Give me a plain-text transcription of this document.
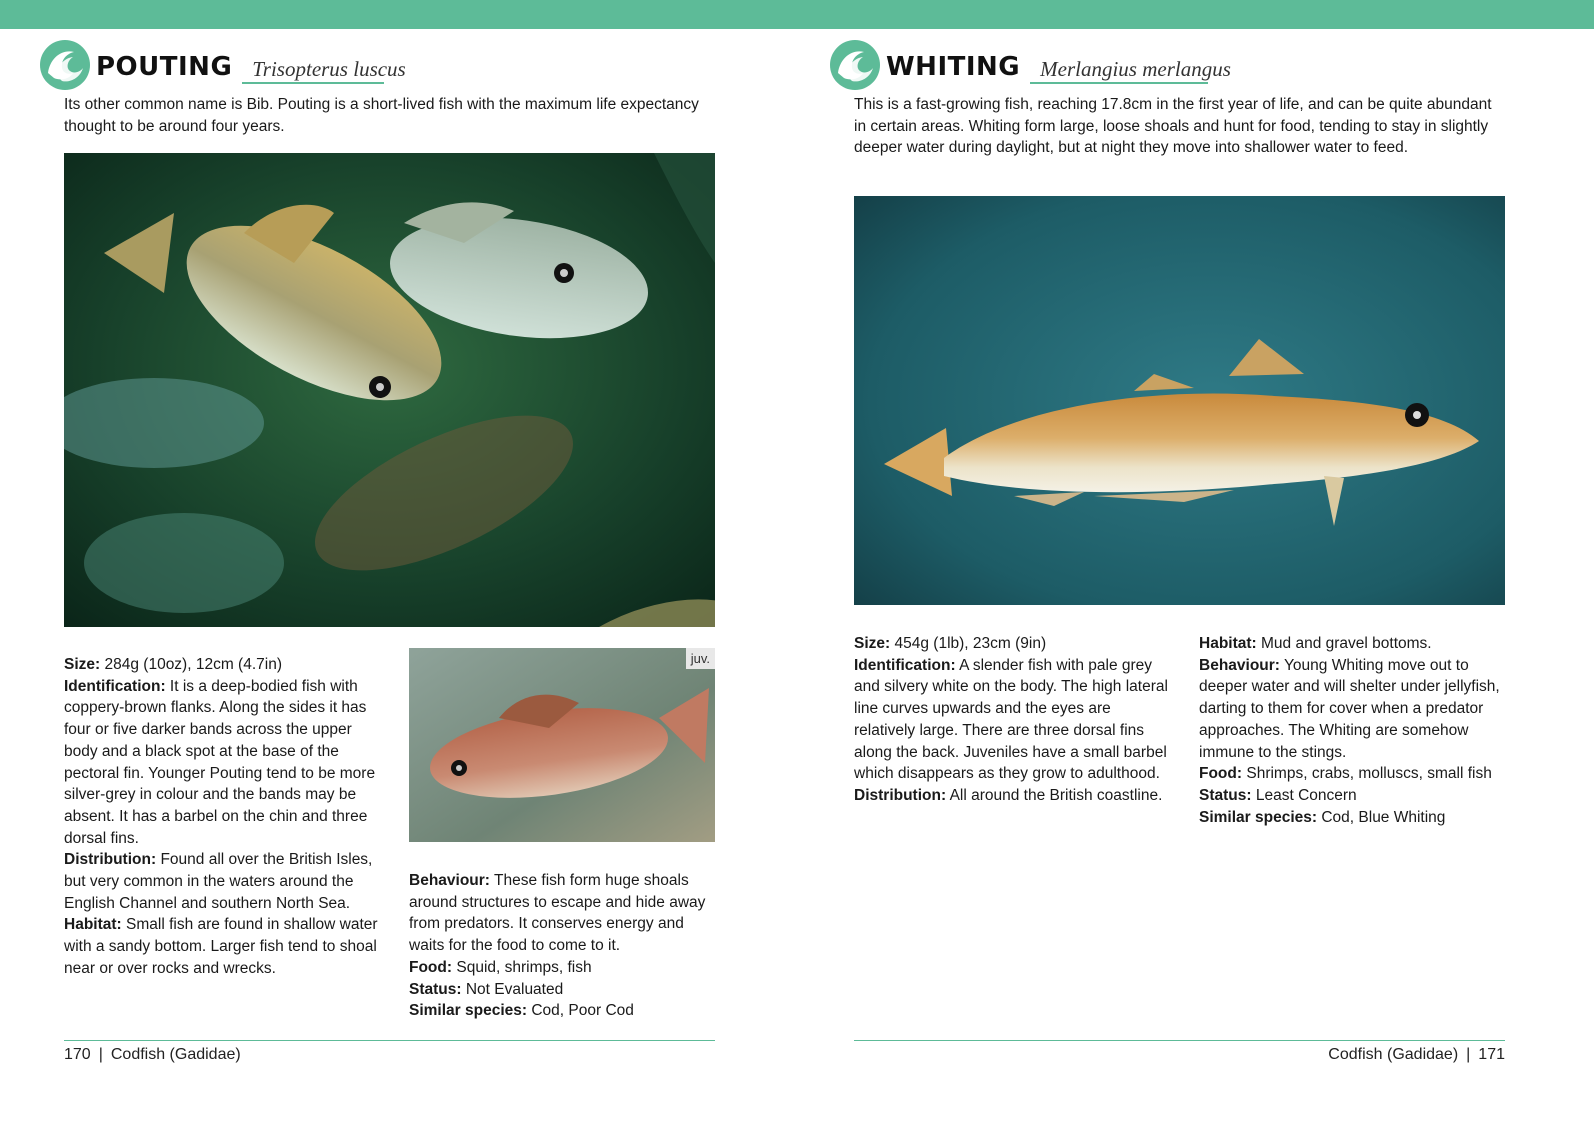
POUTING Trisopterus luscus

Its other common name is Bib. Pouting is a short-lived fish with the maximum life expectancy thought to be around four years.

juv.

Size: 284g (10oz), 12cm (4.7in)

Identification: It is a deep-bodied fish with coppery-brown flanks. Along the sides it has four or five darker bands across the upper body and a black spot at the base of the pectoral fin. Younger Pouting tend to be more silver-grey in colour and the bands may be absent. It has a barbel on the chin and three dorsal fins.

Distribution: Found all over the British Isles, but very common in the waters around the English Channel and southern North Sea.

Habitat: Small fish are found in shallow water with a sandy bottom. Larger fish tend to shoal near or over rocks and wrecks.

Behaviour: These fish form huge shoals around structures to escape and hide away from predators. It conserves energy and waits for the food to come to it.

Food: Squid, shrimps, fish

Status: Not Evaluated

Similar species: Cod, Poor Cod

170 | Codfish (Gadidae)
WHITING Merlangius merlangus

This is a fast-growing fish, reaching 17.8cm in the first year of life, and can be quite abundant in certain areas. Whiting form large, loose shoals and hunt for food, tending to stay in slightly deeper water during daylight, but at night they move into shallower water to feed.

Size: 454g (1lb), 23cm (9in)

Identification: A slender fish with pale grey and silvery white on the body. The high lateral line curves upwards and the eyes are relatively large. There are three dorsal fins along the back. Juveniles have a small barbel which disappears as they grow to adulthood.

Distribution: All around the British coastline.

Habitat: Mud and gravel bottoms.

Behaviour: Young Whiting move out to deeper water and will shelter under jellyfish, darting to them for cover when a predator approaches. The Whiting are somehow immune to the stings.

Food: Shrimps, crabs, molluscs, small fish

Status: Least Concern

Similar species: Cod, Blue Whiting

Codfish (Gadidae) | 171
